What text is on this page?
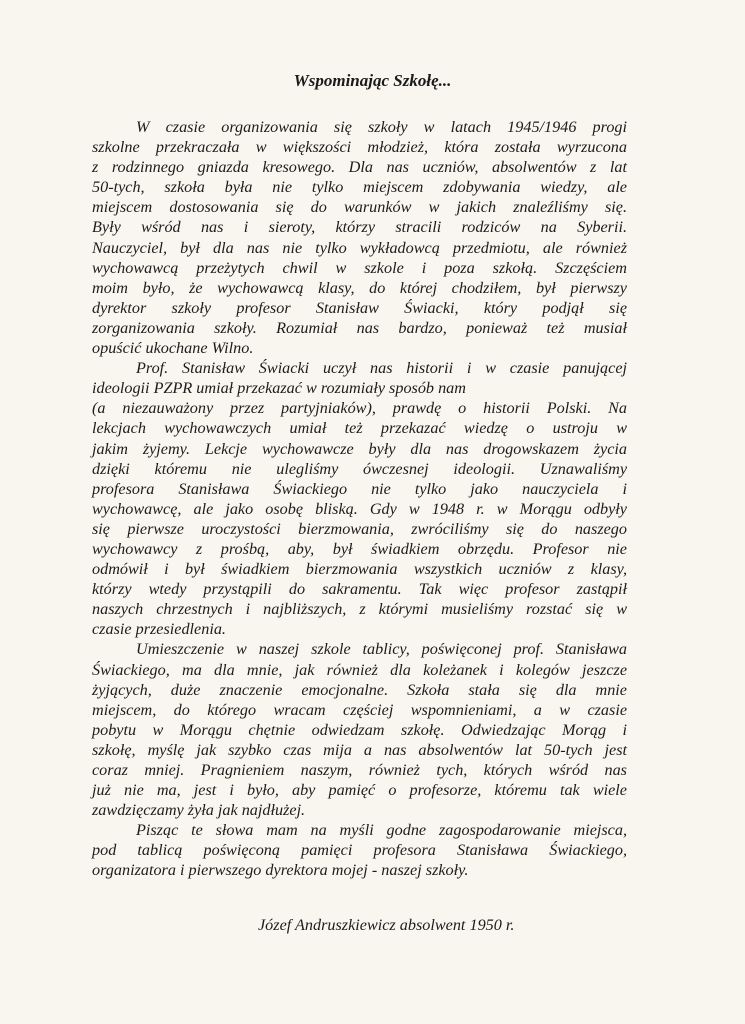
Wspominając Szkołę...
W czasie organizowania się szkoły w latach 1945/1946 progi
szkolne przekraczała w większości młodzież, która została wyrzucona
z rodzinnego gniazda kresowego. Dla nas uczniów, absolwentów z lat
50-tych, szkoła była nie tylko miejscem zdobywania wiedzy, ale
miejscem dostosowania się do warunków w jakich znaleźliśmy się.
Były wśród nas i sieroty, którzy stracili rodziców na Syberii.
Nauczyciel, był dla nas nie tylko wykładowcą przedmiotu, ale również
wychowawcą przeżytych chwil w szkole i poza szkołą. Szczęściem
moim było, że wychowawcą klasy, do której chodziłem, był pierwszy
dyrektor szkoły profesor Stanisław Świacki, który podjął się
zorganizowania szkoły. Rozumiał nas bardzo, ponieważ też musiał
opuścić ukochane Wilno.
Prof. Stanisław Świacki uczył nas historii i w czasie panującej
ideologii PZPR umiał przekazać w rozumiały sposób nam
(a niezauważony przez partyjniaków), prawdę o historii Polski. Na
lekcjach wychowawczych umiał też przekazać wiedzę o ustroju w
jakim żyjemy. Lekcje wychowawcze były dla nas drogowskazem życia
dzięki któremu nie ulegliśmy ówczesnej ideologii. Uznawaliśmy
profesora Stanisława Świackiego nie tylko jako nauczyciela i
wychowawcę, ale jako osobę bliską. Gdy w 1948 r. w Morągu odbyły
się pierwsze uroczystości bierzmowania, zwróciliśmy się do naszego
wychowawcy z prośbą, aby, był świadkiem obrzędu. Profesor nie
odmówił i był świadkiem bierzmowania wszystkich uczniów z klasy,
którzy wtedy przystąpili do sakramentu. Tak więc profesor zastąpił
naszych chrzestnych i najbliższych, z którymi musieliśmy rozstać się w
czasie przesiedlenia.
Umieszczenie w naszej szkole tablicy, poświęconej prof. Stanisława
Świackiego, ma dla mnie, jak również dla koleżanek i kolegów jeszcze
żyjących, duże znaczenie emocjonalne. Szkoła stała się dla mnie
miejscem, do którego wracam częściej wspomnieniami, a w czasie
pobytu w Morągu chętnie odwiedzam szkołę. Odwiedzając Morąg i
szkołę, myślę jak szybko czas mija a nas absolwentów lat 50-tych jest
coraz mniej. Pragnieniem naszym, również tych, których wśród nas
już nie ma, jest i było, aby pamięć o profesorze, któremu tak wiele
zawdzięczamy żyła jak najdłużej.
Pisząc te słowa mam na myśli godne zagospodarowanie miejsca,
pod tablicą poświęconą pamięci profesora Stanisława Świackiego,
organizatora i pierwszego dyrektora mojej - naszej szkoły.
Józef Andruszkiewicz absolwent 1950 r.
